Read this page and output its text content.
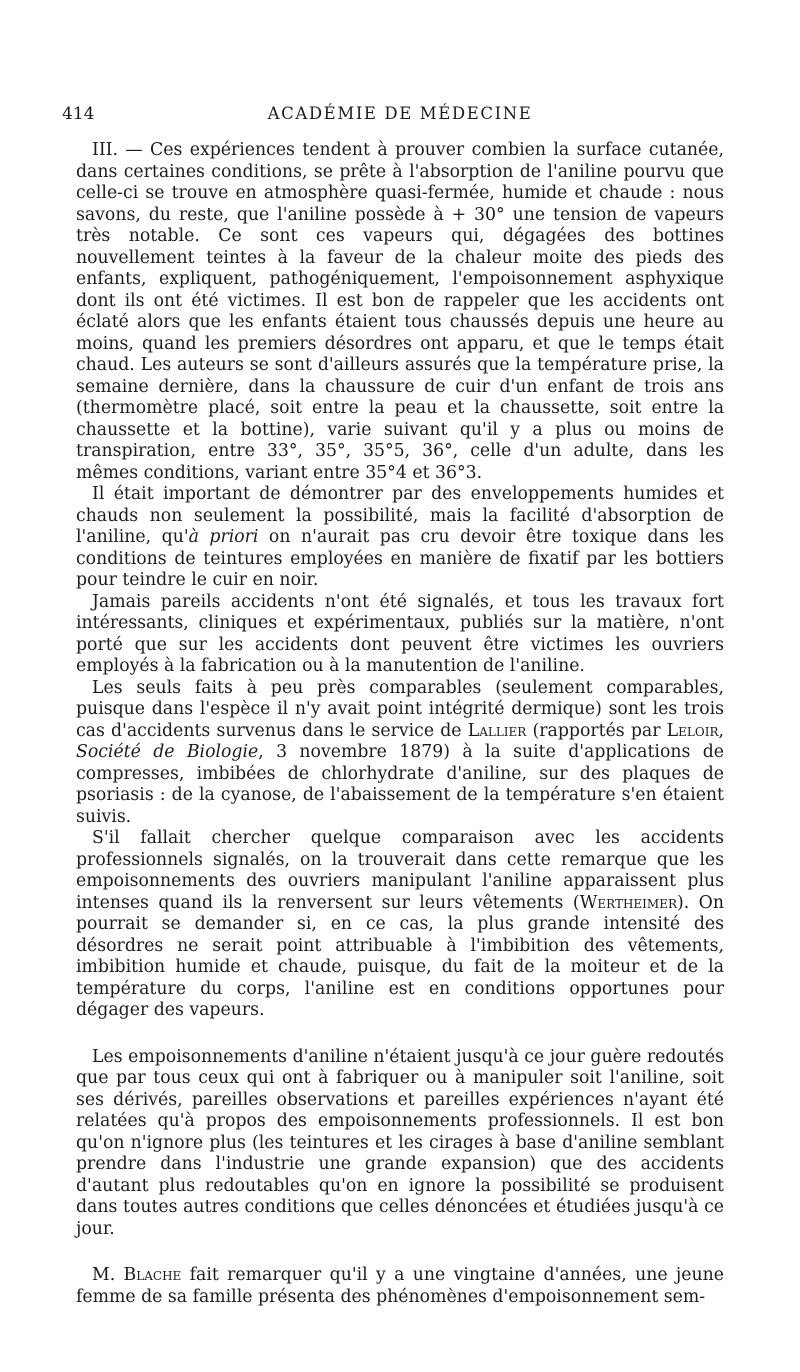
414	ACADÉMIE DE MÉDECINE

III. — Ces expériences tendent à prouver combien la surface cutanée, dans certaines conditions, se prête à l'absorption de l'aniline pourvu que celle-ci se trouve en atmosphère quasi-fermée, humide et chaude : nous savons, du reste, que l'aniline possède à + 30° une tension de vapeurs très notable. Ce sont ces vapeurs qui, dégagées des bottines nouvellement teintes à la faveur de la chaleur moite des pieds des enfants, expliquent, pathogéniquement, l'empoisonnement asphyxique dont ils ont été victimes. Il est bon de rappeler que les accidents ont éclaté alors que les enfants étaient tous chaussés depuis une heure au moins, quand les premiers désordres ont apparu, et que le temps était chaud. Les auteurs se sont d'ailleurs assurés que la température prise, la semaine dernière, dans la chaussure de cuir d'un enfant de trois ans (thermomètre placé, soit entre la peau et la chaussette, soit entre la chaussette et la bottine), varie suivant qu'il y a plus ou moins de transpiration, entre 33°, 35°, 35°5, 36°, celle d'un adulte, dans les mêmes conditions, variant entre 35°4 et 36°3.

Il était important de démontrer par des enveloppements humides et chauds non seulement la possibilité, mais la facilité d'absorption de l'aniline, qu'à priori on n'aurait pas cru devoir être toxique dans les conditions de teintures employées en manière de fixatif par les bottiers pour teindre le cuir en noir.

Jamais pareils accidents n'ont été signalés, et tous les travaux fort intéressants, cliniques et expérimentaux, publiés sur la matière, n'ont porté que sur les accidents dont peuvent être victimes les ouvriers employés à la fabrication ou à la manutention de l'aniline.

Les seuls faits à peu près comparables (seulement comparables, puisque dans l'espèce il n'y avait point intégrité dermique) sont les trois cas d'accidents survenus dans le service de Lallier (rapportés par Leloir, Société de Biologie, 3 novembre 1879) à la suite d'applications de compresses, imbibées de chlorhydrate d'aniline, sur des plaques de psoriasis : de la cyanose, de l'abaissement de la température s'en étaient suivis.

S'il fallait chercher quelque comparaison avec les accidents professionnels signalés, on la trouverait dans cette remarque que les empoisonnements des ouvriers manipulant l'aniline apparaissent plus intenses quand ils la renversent sur leurs vêtements (Wertheimer). On pourrait se demander si, en ce cas, la plus grande intensité des désordres ne serait point attribuable à l'imbibition des vêtements, imbibition humide et chaude, puisque, du fait de la moiteur et de la température du corps, l'aniline est en conditions opportunes pour dégager des vapeurs.

Les empoisonnements d'aniline n'étaient jusqu'à ce jour guère redoutés que par tous ceux qui ont à fabriquer ou à manipuler soit l'aniline, soit ses dérivés, pareilles observations et pareilles expériences n'ayant été relatées qu'à propos des empoisonnements professionnels. Il est bon qu'on n'ignore plus (les teintures et les cirages à base d'aniline semblant prendre dans l'industrie une grande expansion) que des accidents d'autant plus redoutables qu'on en ignore la possibilité se produisent dans toutes autres conditions que celles dénoncées et étudiées jusqu'à ce jour.

M. Blache fait remarquer qu'il y a une vingtaine d'années, une jeune femme de sa famille présenta des phénomènes d'empoisonnement sem-
